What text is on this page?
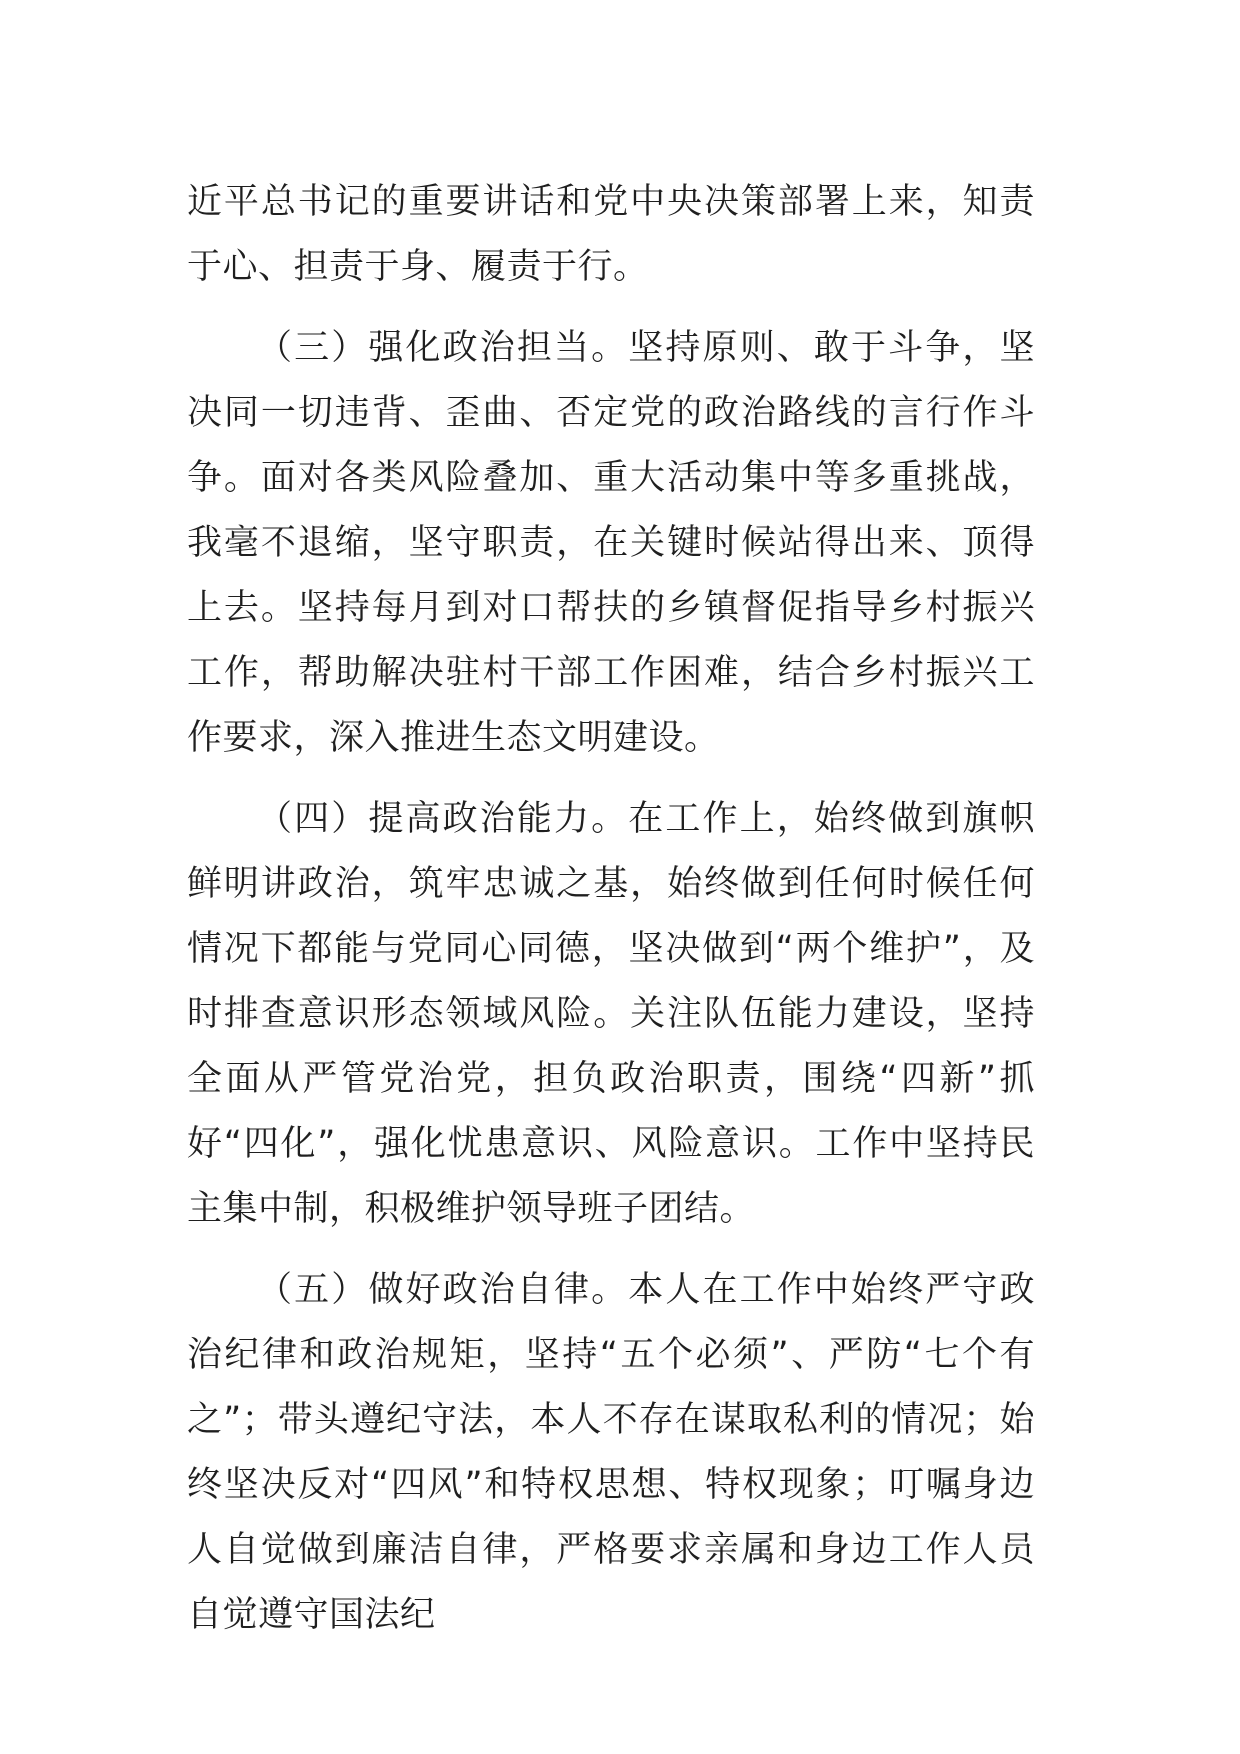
近平总书记的重要讲话和党中央决策部署上来，知责于心、担责于身、履责于行。

（三）强化政治担当。坚持原则、敢于斗争，坚决同一切违背、歪曲、否定党的政治路线的言行作斗争。面对各类风险叠加、重大活动集中等多重挑战，我毫不退缩，坚守职责，在关键时候站得出来、顶得上去。坚持每月到对口帮扶的乡镇督促指导乡村振兴工作，帮助解决驻村干部工作困难，结合乡村振兴工作要求，深入推进生态文明建设。

（四）提高政治能力。在工作上，始终做到旗帜鲜明讲政治，筑牢忠诚之基，始终做到任何时候任何情况下都能与党同心同德，坚决做到“两个维护”，及时排查意识形态领域风险。关注队伍能力建设，坚持全面从严管党治党，担负政治职责，围绕“四新”抓好“四化”，强化忧患意识、风险意识。工作中坚持民主集中制，积极维护领导班子团结。

（五）做好政治自律。本人在工作中始终严守政治纪律和政治规矩，坚持“五个必须”、严防“七个有之”；带头遵纪守法，本人不存在谋取私利的情况；始终坚决反对“四风”和特权思想、特权现象；叮嘱身边人自觉做到廉洁自律，严格要求亲属和身边工作人员自觉遵守国法纪
